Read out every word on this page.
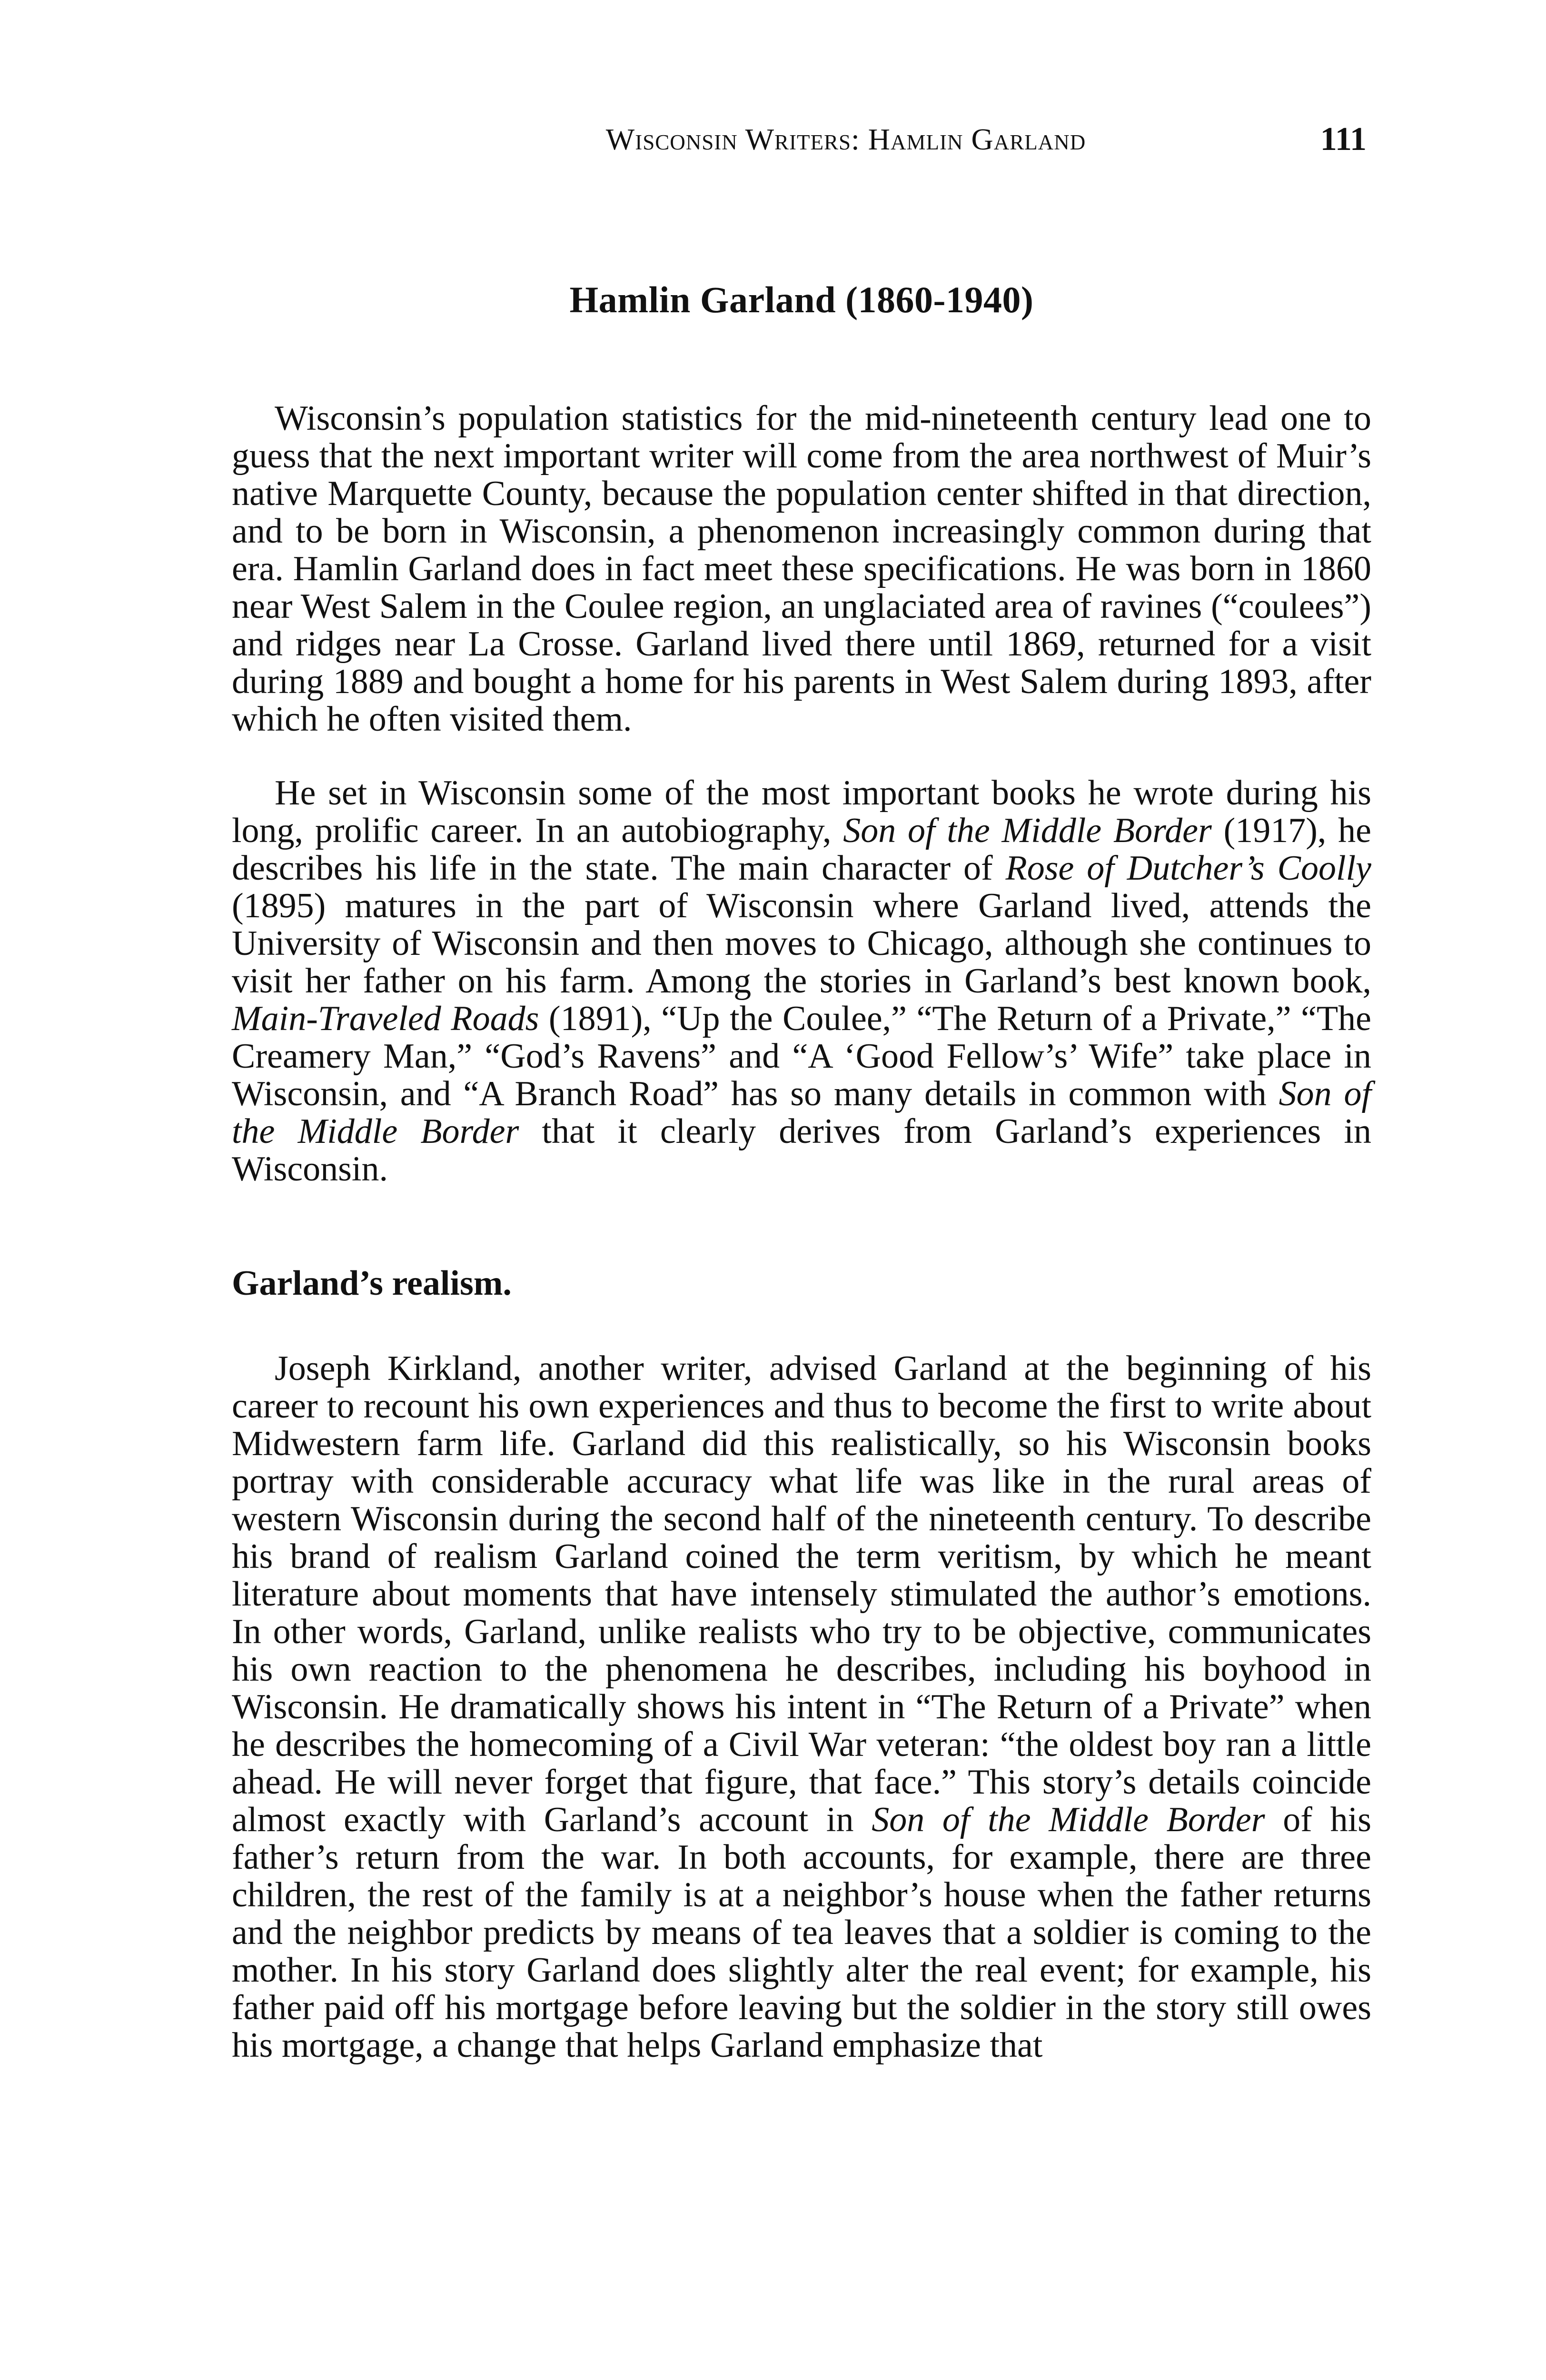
Wisconsin Writers: Hamlin Garland	111
Hamlin Garland (1860-1940)

Wisconsin’s population statistics for the mid-nineteenth century lead one to guess that the next important writer will come from the area northwest of Muir’s native Marquette County, because the population center shifted in that direction, and to be born in Wisconsin, a phenomenon increasingly common during that era. Hamlin Garland does in fact meet these specifications. He was born in 1860 near West Salem in the Coulee region, an unglaciated area of ravines (“coulees”) and ridges near La Crosse. Garland lived there until 1869, returned for a visit during 1889 and bought a home for his parents in West Salem during 1893, after which he often visited them.

He set in Wisconsin some of the most important books he wrote during his long, prolific career. In an autobiography, Son of the Middle Border (1917), he describes his life in the state. The main character of Rose of Dutcher’s Coolly (1895) matures in the part of Wisconsin where Garland lived, attends the University of Wisconsin and then moves to Chicago, although she continues to visit her father on his farm. Among the stories in Garland’s best known book, Main-Traveled Roads (1891), “Up the Coulee,” “The Return of a Private,” “The Creamery Man,” “God’s Ravens” and “A ‘Good Fellow’s’ Wife” take place in Wisconsin, and “A Branch Road” has so many details in common with Son of the Middle Border that it clearly derives from Garland’s experiences in Wisconsin.

Garland’s realism.

Joseph Kirkland, another writer, advised Garland at the beginning of his career to recount his own experiences and thus to become the first to write about Midwestern farm life. Garland did this realistically, so his Wisconsin books portray with considerable accuracy what life was like in the rural areas of western Wisconsin during the second half of the nineteenth century. To describe his brand of realism Garland coined the term veritism, by which he meant literature about moments that have intensely stimulated the author’s emotions. In other words, Garland, unlike realists who try to be objective, communicates his own reaction to the phenomena he describes, including his boyhood in Wisconsin. He dramatically shows his intent in “The Return of a Private” when he describes the homecoming of a Civil War veteran: “the oldest boy ran a little ahead. He will never forget that figure, that face.” This story’s details coincide almost exactly with Garland’s account in Son of the Middle Border of his father’s return from the war. In both accounts, for example, there are three children, the rest of the family is at a neighbor’s house when the father returns and the neighbor predicts by means of tea leaves that a soldier is coming to the mother. In his story Garland does slightly alter the real event; for example, his father paid off his mortgage before leaving but the soldier in the story still owes his mortgage, a change that helps Garland emphasize that
